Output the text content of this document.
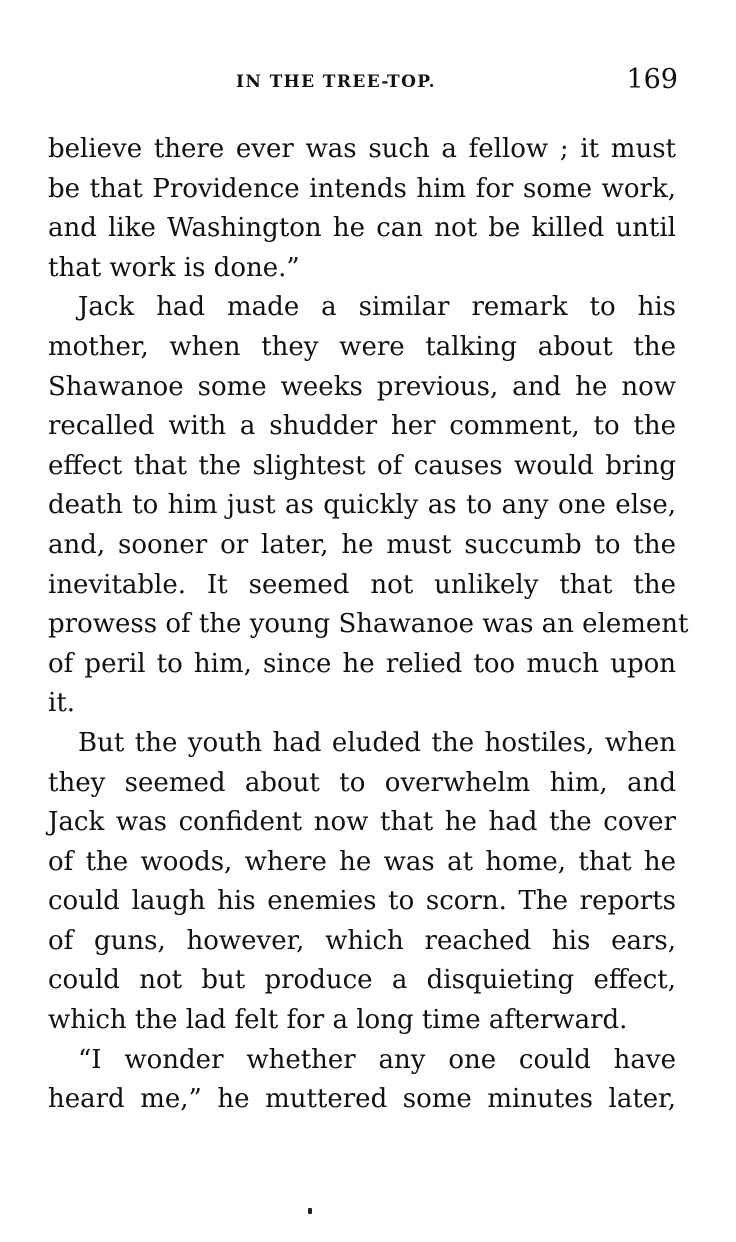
IN THE TREE-TOP.	169
believe there ever was such a fellow ; it must
be that Providence intends him for some work,
and like Washington he can not be killed until
that work is done.”
Jack had made a similar remark to his
mother, when they were talking about the
Shawanoe some weeks previous, and he now
recalled with a shudder her comment, to the
effect that the slightest of causes would bring
death to him just as quickly as to any one else,
and, sooner or later, he must succumb to the
inevitable. It seemed not unlikely that the
prowess of the young Shawanoe was an element
of peril to him, since he relied too much upon
it.
But the youth had eluded the hostiles, when
they seemed about to overwhelm him, and
Jack was confident now that he had the cover
of the woods, where he was at home, that he
could laugh his enemies to scorn. The reports
of guns, however, which reached his ears,
could not but produce a disquieting effect,
which the lad felt for a long time afterward.
“I wonder whether any one could have
heard me,” he muttered some minutes later,
